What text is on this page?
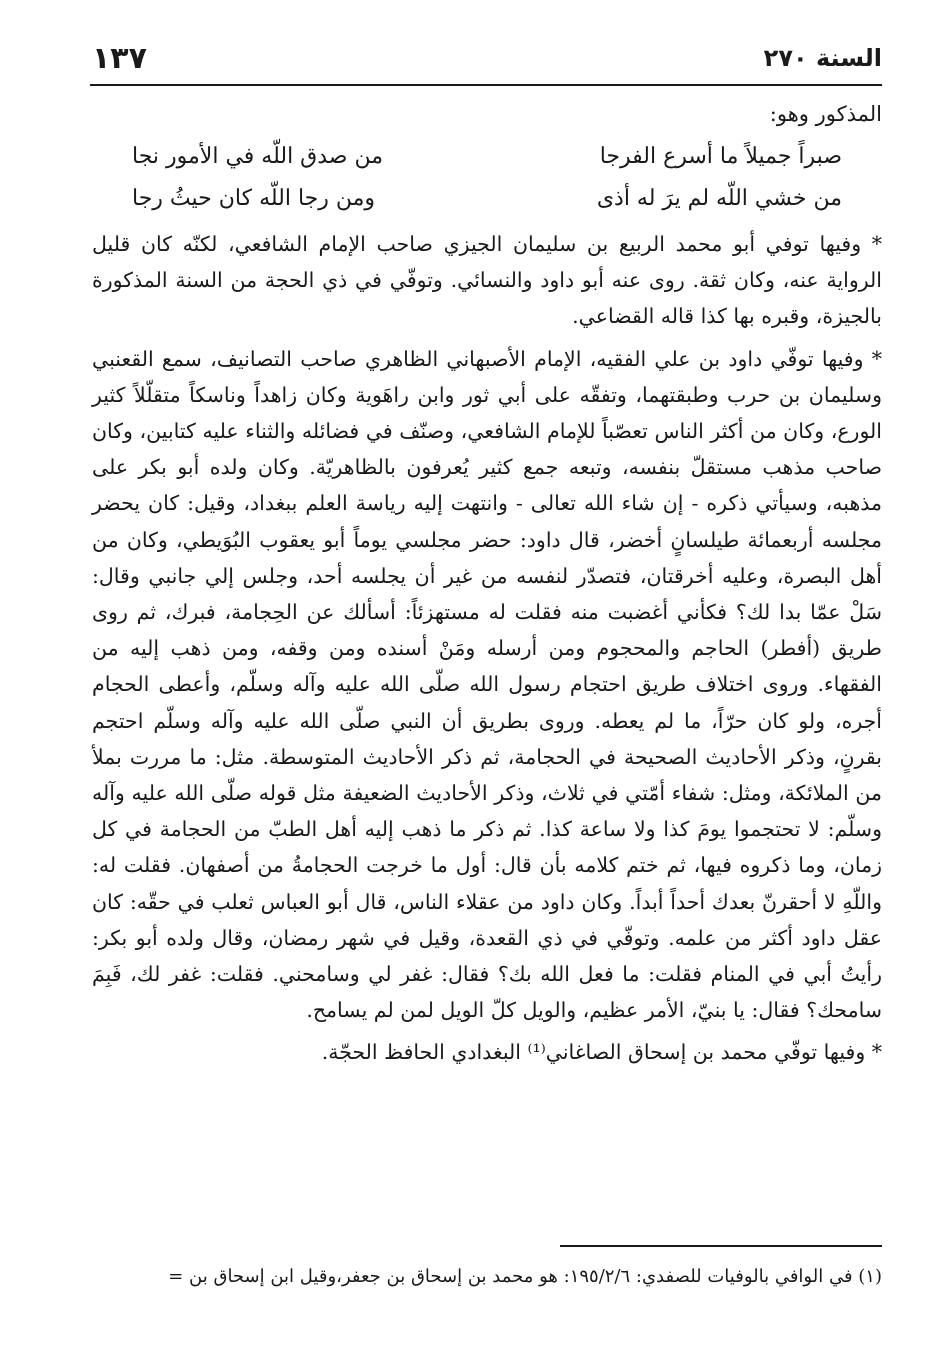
السنة ٢٧٠
١٣٧

المذكور وهو:

صبراً جميلاً ما أسرع الفرجا
من صدق اللّه في الأمور نجا
من خشي اللّه لم يرَ له أذى
ومن رجا اللّه كان حيثُ رجا

* وفيها توفي أبو محمد الربيع بن سليمان الجيزي صاحب الإمام الشافعي، لكنّه كان قليل الرواية عنه، وكان ثقة. روى عنه أبو داود والنسائي. وتوفّي في ذي الحجة من السنة المذكورة بالجيزة، وقبره بها كذا قاله القضاعي.

* وفيها توفّي داود بن علي الفقيه، الإمام الأصبهاني الظاهري صاحب التصانيف، سمع القعنبي وسليمان بن حرب وطبقتهما، وتفقّه على أبي ثور وابن راهَوية وكان زاهداً وناسكاً متقلّلاً كثير الورع، وكان من أكثر الناس تعصّباً للإمام الشافعي، وصنّف في فضائله والثناء عليه كتابين، وكان صاحب مذهب مستقلّ بنفسه، وتبعه جمع كثير يُعرفون بالظاهريّة. وكان ولده أبو بكر على مذهبه، وسيأتي ذكره - إن شاء الله تعالى - وانتهت إليه رياسة العلم ببغداد، وقيل: كان يحضر مجلسه أربعمائة طيلسانٍ أخضر، قال داود: حضر مجلسي يوماً أبو يعقوب البُوَيطي، وكان من أهل البصرة، وعليه أخرقتان، فتصدّر لنفسه من غير أن يجلسه أحد، وجلس إلي جانبي وقال: سَلْ عمّا بدا لك؟ فكأني أغضبت منه فقلت له مستهزئاً: أسألك عن الحِجامة، فبرك، ثم روى طريق (أفطر) الحاجم والمحجوم ومن أرسله ومَنْ أسنده ومن وقفه، ومن ذهب إليه من الفقهاء. وروى اختلاف طريق احتجام رسول الله صلّى الله عليه وآله وسلّم، وأعطى الحجام أجره، ولو كان حرّاً، ما لم يعطه. وروى بطريق أن النبي صلّى الله عليه وآله وسلّم احتجم بقرنٍ، وذكر الأحاديث الصحيحة في الحجامة، ثم ذكر الأحاديث المتوسطة. مثل: ما مررت بملأ من الملائكة، ومثل: شفاء أمّتي في ثلاث، وذكر الأحاديث الضعيفة مثل قوله صلّى الله عليه وآله وسلّم: لا تحتجموا يومَ كذا ولا ساعة كذا. ثم ذكر ما ذهب إليه أهل الطبّ من الحجامة في كل زمان، وما ذكروه فيها، ثم ختم كلامه بأن قال: أول ما خرجت الحجامةُ من أصفهان. فقلت له: واللّهِ لا أحقرنّ بعدك أحداً أبداً. وكان داود من عقلاء الناس، قال أبو العباس ثعلب في حقّه: كان عقل داود أكثر من علمه. وتوفّي في ذي القعدة، وقيل في شهر رمضان، وقال ولده أبو بكر: رأيتُ أبي في المنام فقلت: ما فعل الله بك؟ فقال: غفر لي وسامحني. فقلت: غفر لك، فَبِمَ سامحك؟ فقال: يا بنيّ، الأمر عظيم، والويل كلّ الويل لمن لم يسامح.

* وفيها توفّي محمد بن إسحاق الصاغاني⁽¹⁾ البغدادي الحافظ الحجّة.

(١) في الوافي بالوفيات للصفدي: ١٩٥/٢/٦: هو محمد بن إسحاق بن جعفر،وقيل ابن إسحاق بن =
